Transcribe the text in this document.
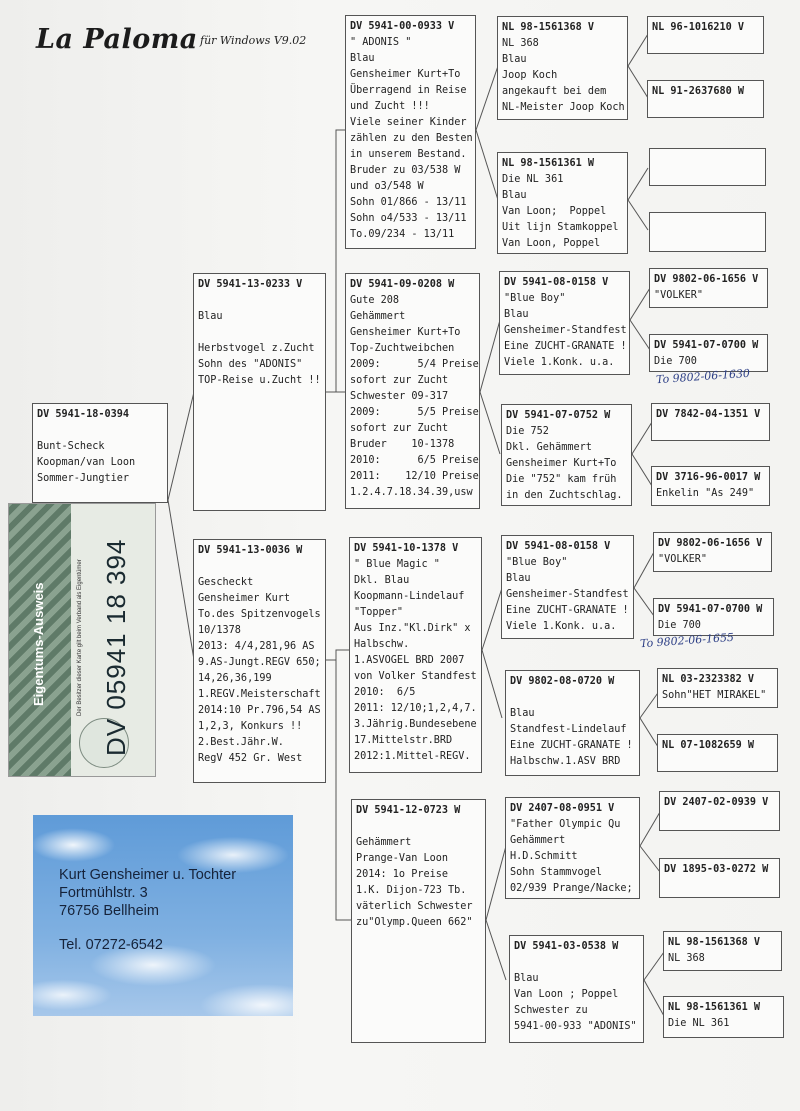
La Paloma für Windows V9.02
DV 5941-18-0394
Bunt-Scheck
Koopman/van Loon
Sommer-Jungtier
DV 5941-13-0233 V
Blau
Herbstvogel z.Zucht
Sohn des "ADONIS"
TOP-Reise u.Zucht !!
DV 5941-13-0036 W
Gescheckt
Gensheimer Kurt
To.des Spitzenvogels
10/1378
2013: 4/4,281,96 AS
9.AS-Jungt.REGV 650;
14,26,36,199
1.REGV.Meisterschaft
2014:10 Pr.796,54 AS
1,2,3, Konkurs !!
2.Best.Jähr.W.
RegV 452 Gr. West
DV 5941-00-0933 V
" ADONIS "
Blau
Gensheimer Kurt+To
Überragend in Reise
und Zucht !!!
Viele seiner Kinder
zählen zu den Besten
in unserem Bestand.
Bruder zu 03/538 W
und o3/548 W
Sohn 01/866 - 13/11
Sohn o4/533 - 13/11
To.09/234 - 13/11
DV 5941-09-0208 W
Gute 208
Gehämmert
Gensheimer Kurt+To
Top-Zuchtweibchen
2009:      5/4 Preise
sofort zur Zucht
Schwester 09-317
2009:      5/5 Preise
sofort zur Zucht
Bruder    10-1378
2010:      6/5 Preise
2011:    12/10 Preise
1.2.4.7.18.34.39,usw
DV 5941-10-1378 V
" Blue Magic "
Dkl. Blau
Koopmann-Lindelauf
"Topper"
Aus Inz."Kl.Dirk" x
Halbschw.
1.ASVOGEL BRD 2007
von Volker Standfest
2010:  6/5
2011: 12/10;1,2,4,7.
3.Jährig.Bundesebene
17.Mittelstr.BRD
2012:1.Mittel-REGV.
DV 5941-12-0723 W
Gehämmert
Prange-Van Loon
2014: 1o Preise
1.K. Dijon-723 Tb.
väterlich Schwester
zu"Olymp.Queen 662"
NL 98-1561368 V
NL 368
Blau
Joop Koch
angekauft bei dem
NL-Meister Joop Koch
NL 98-1561361 W
Die NL 361
Blau
Van Loon;  Poppel
Uit lijn Stamkoppel
Van Loon, Poppel
DV 5941-08-0158 V
"Blue Boy"
Blau
Gensheimer-Standfest
Eine ZUCHT-GRANATE !
Viele 1.Konk. u.a.
DV 5941-07-0752 W
Die 752
Dkl. Gehämmert
Gensheimer Kurt+To
Die "752" kam früh
in den Zuchtschlag.
DV 5941-08-0158 V
"Blue Boy"
Blau
Gensheimer-Standfest
Eine ZUCHT-GRANATE !
Viele 1.Konk. u.a.
DV 9802-08-0720 W
Blau
Standfest-Lindelauf
Eine ZUCHT-GRANATE !
Halbschw.1.ASV BRD
DV 2407-08-0951 V
"Father Olympic Qu
Gehämmert
H.D.Schmitt
Sohn Stammvogel
02/939 Prange/Nacke;
DV 5941-03-0538 W
Blau
Van Loon ; Poppel
Schwester zu
5941-00-933 "ADONIS"
NL 96-1016210 V
NL 91-2637680 W
DV 9802-06-1656 V
"VOLKER"
DV 5941-07-0700 W
Die 700
DV 7842-04-1351 V
DV 3716-96-0017 W
Enkelin "As 249"
DV 9802-06-1656 V
"VOLKER"
DV 5941-07-0700 W
Die 700
NL 03-2323382 V
Sohn"HET MIRAKEL"
NL 07-1082659 W
DV 2407-02-0939 V
DV 1895-03-0272 W
NL 98-1561368 V
NL 368
NL 98-1561361 W
Die NL 361
To 9802-06-1630
To 9802-06-1655
Eigentums-Ausweis	Der Besitzer dieser Karte gilt beim Verband als Eigentümer DV 05941 18 394
Kurt Gensheimer u. Tochter
Fortmühlstr. 3
76756 Bellheim
Tel. 07272-6542
